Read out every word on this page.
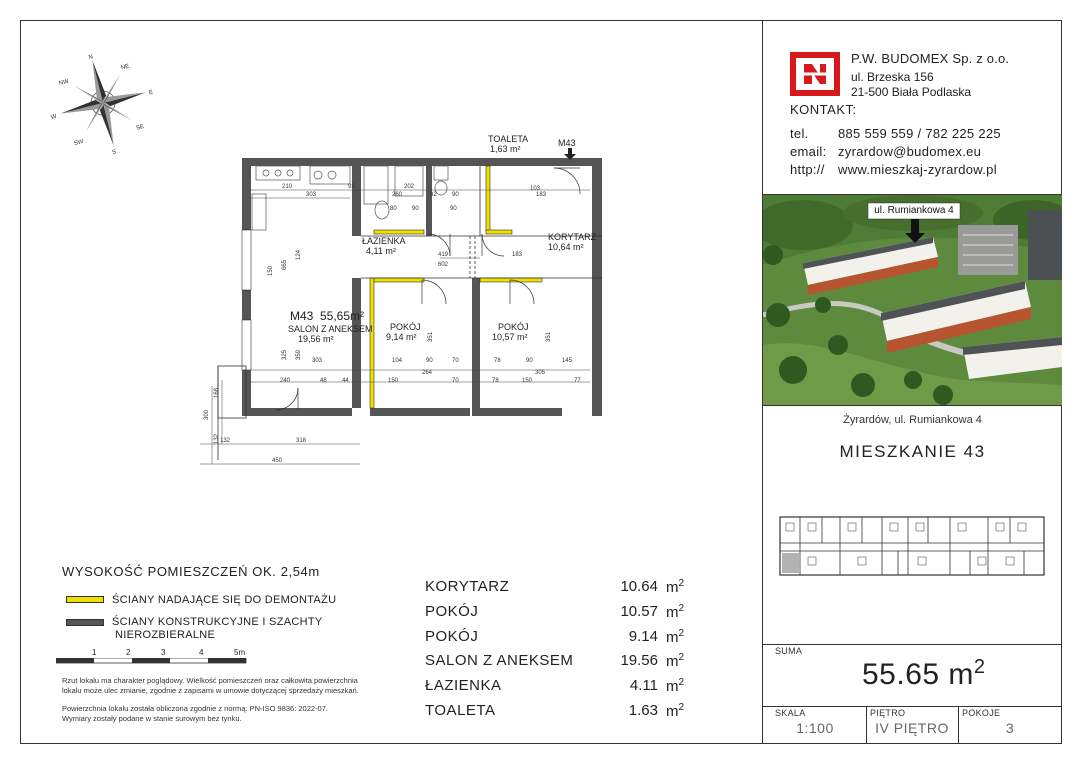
P.W. BUDOMEX Sp. z o.o.
ul. Brzeska 156
21-500 Biała Podlaska
KONTAKT:
tel. 885 559 559 / 782 225 225
email: zyrardow@budomex.eu
http:// www.mieszkaj-zyrardow.pl
ul. Rumiankowa 4
Żyrardów, ul. Rumiankowa 4
MIESZKANIE 43
SUMA
55.65 $m^2$
SKALA	PIĘTRO	POKOJE
1:100	IV PIĘTRO	3
N
NE
E
SE
S
SW
W
NW
210	93	202
303	260	32	90	183
80	90	90
103
419
602
183
303	104	90	70	78	90	145
264	305
240	48	44	150	70	78	150	77
132	318
450
665
124
359
325
300
168
132
351	351
150
M43
TOALETA
1,63 m²
KORYTARZ
10,64 m²
ŁAZIENKA
4,11 m²
M43 55,65m²
SALON Z ANEKSEM
19,56 m²
POKÓJ
9,14 m²
POKÓJ
10,57 m²
KORYTARZ	10.64 $m^2$
POKÓJ	10.57 $m^2$
POKÓJ	9.14 $m^2$
SALON Z ANEKSEM	19.56 $m^2$
ŁAZIENKA	4.11 $m^2$
TOALETA	1.63 $m^2$
WYSOKOŚĆ POMIESZCZEŃ OK. 2,54m
ŚCIANY NADAJĄCE SIĘ DO DEMONTAŻU
ŚCIANY KONSTRUKCYJNE I SZACHTY
NIEROZBIERALNE
1	2	3	4	5m
Rzut lokalu ma charakter poglądowy. Wielkość pomieszczeń oraz całkowita powierzchnia
lokalu może ulec zmianie, zgodnie z zapisami w umowie dotyczącej sprzedaży mieszkań.
Powierzchnia lokalu została obliczona zgodnie z normą: PN-ISO 9836: 2022-07.
Wymiary zostały podane w stanie surowym bez tynku.
